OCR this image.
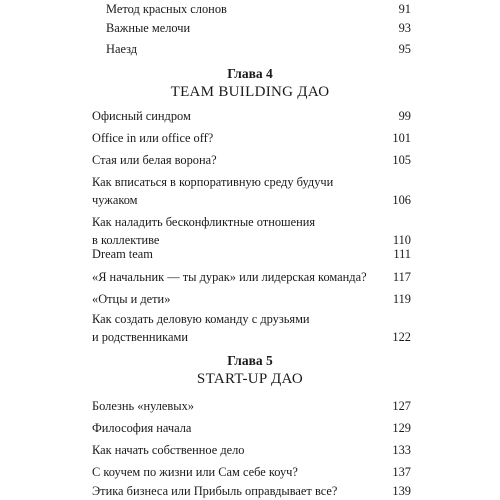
Метод красных слонов	91
Важные мелочи	93
Наезд	95
Глава 4
TEAM BUILDING ДАО
Офисный синдром	99
Office in или office off?	101
Стая или белая ворона?	105
Как вписаться в корпоративную среду будучи
чужаком	106
Как наладить бесконфликтные отношения
в коллективе	110
Dream team	111
«Я начальник — ты дурак» или лидерская команда? 117
«Отцы и дети»	119
Как создать деловую команду с друзьями
и родственниками	122
Глава 5
START-UP ДАО
Болезнь «нулевых»	127
Философия начала	129
Как начать собственное дело	133
С коучем по жизни или Сам себе коуч?	137
Этика бизнеса или Прибыль оправдывает все?	139
